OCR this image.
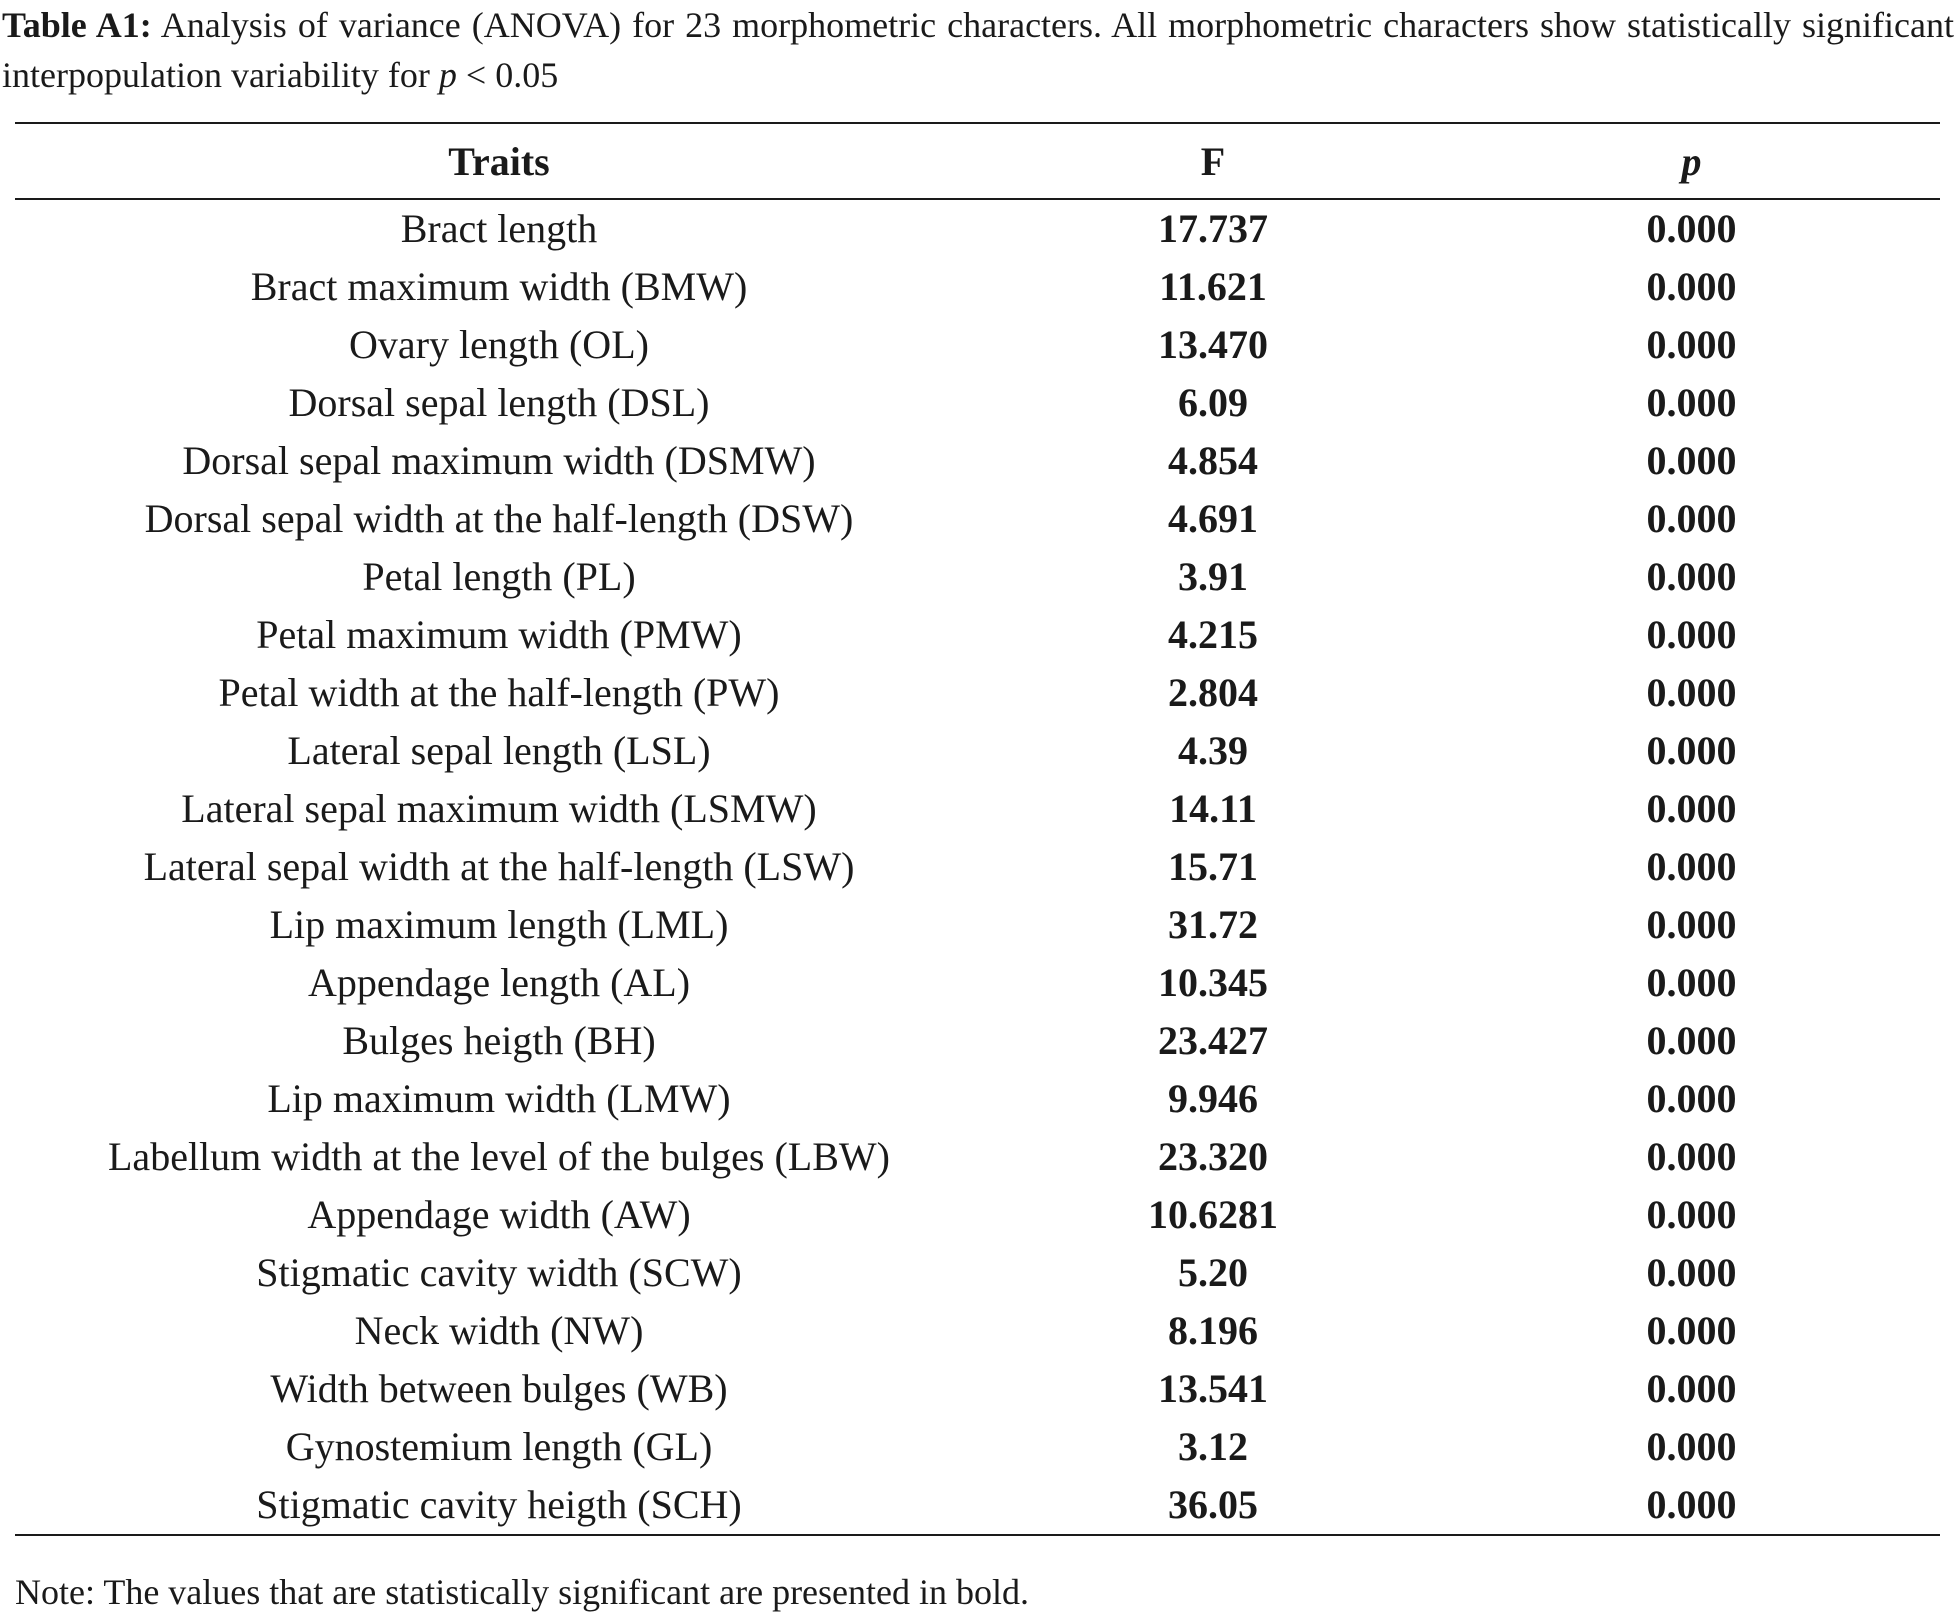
Table A1: Analysis of variance (ANOVA) for 23 morphometric characters. All morphometric characters show statistically significant interpopulation variability for p < 0.05
Traits	F	p
Bract length	17.737	0.000
Bract maximum width (BMW)	11.621	0.000
Ovary length (OL)	13.470	0.000
Dorsal sepal length (DSL)	6.09	0.000
Dorsal sepal maximum width (DSMW)	4.854	0.000
Dorsal sepal width at the half-length (DSW)	4.691	0.000
Petal length (PL)	3.91	0.000
Petal maximum width (PMW)	4.215	0.000
Petal width at the half-length (PW)	2.804	0.000
Lateral sepal length (LSL)	4.39	0.000
Lateral sepal maximum width (LSMW)	14.11	0.000
Lateral sepal width at the half-length (LSW)	15.71	0.000
Lip maximum length (LML)	31.72	0.000
Appendage length (AL)	10.345	0.000
Bulges heigth (BH)	23.427	0.000
Lip maximum width (LMW)	9.946	0.000
Labellum width at the level of the bulges (LBW)	23.320	0.000
Appendage width (AW)	10.6281	0.000
Stigmatic cavity width (SCW)	5.20	0.000
Neck width (NW)	8.196	0.000
Width between bulges (WB)	13.541	0.000
Gynostemium length (GL)	3.12	0.000
Stigmatic cavity heigth (SCH)	36.05	0.000
Note: The values that are statistically significant are presented in bold.
